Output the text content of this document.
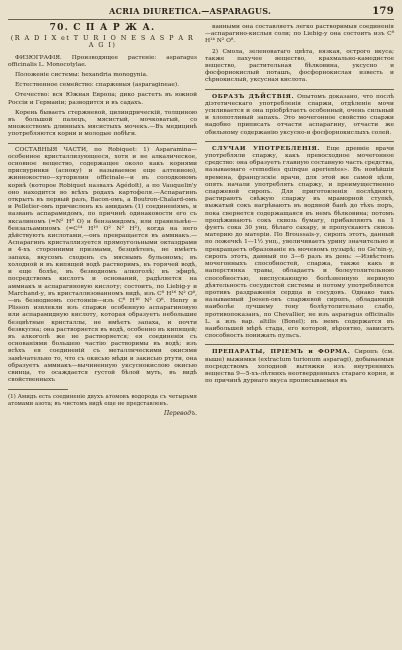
ACRIA DIURETICA.—ASPARAGUS.	179
70. С П А Р Ж А.
(R A D I X et T U R I O N E S A S P A R A G I)

ФИЗЮГРАФІЯ. Производящее растеніе: asparagus officinalis L. Monocotylae.

Положеніе системы: hexandria monogynia.

Естественное семейство: спаржевыя (asparagineae).

Отечество: вся Южная Европа; дико растетъ въ южной Россіи и Германіи; разводится и въ садахъ.

Корень бываетъ стержневой, цилиндрическій, толщиною въ большой палецъ, мясистый, мочковатый, со множествомъ длинныхъ мясистыхъ мочекъ.—Въ медицинѣ употребляются корни и молодые побѣги.

СОСТАВНЫЯ ЧАСТИ, по Robiquet: 1) Asparamina—особенное кристаллизующееся, хотя и не алкалическое, основное вещество, содержащее около какъ корнями присвуринки (асноку) и называемое еще алтеиною), жиннокостно—хуторилин officinale—и въ солодковомъ корнѣ (которое Robiquet назвалъ Agédoït), а по Vauquelin'у оно находится во всѣхъ родахъ картофеля.—Аспарагинъ открытъ въ первый разъ, Bacon-омъ, а Boutron-Chalard-омъ и Pelletier-омъ причисленъ къ амидамъ (1) соединеніямъ, и названъ аспарамидомъ, по причинѣ одинаковости его съ яксалиномъ (=N² H⁸ O) и бензамидомъ, или правильнѣе—бензальаминомъ (=C¹⁴ H¹⁰ O² N² H²), когда на него дѣйствуютъ кислотами,—онъ превращается въ аммиакъ.—Аспарагинъ кристаллизуется прямоугольными октаэдрами и 4-хъ сторонними призмами, безцвѣтенъ, не имѣетъ запаха, вкусомъ сходенъ съ мяснымъ бульономъ; въ холодной и въ кипящей водѣ растворимъ, въ горячей водѣ, и еще болѣе, въ безводномъ алкоголѣ; въ эфирѣ, посредствомъ кислотъ и оснований, радѣляется на аммиакъ и аспарагиновую кислоту; состоитъ, по Liebig-у и Marchand-у, въ кристаллизованномъ видѣ, изъ C⁸ H¹⁶ N² O⁶,—въ безводномъ состояніи—изъ C⁸ H¹⁶ N² O⁶. Henry и Plisson извлекли изъ спаржи особенную аспарагиновую или аспарамидную кислоту, которая образуетъ небольшие безцвѣтные кристаллы, не имѣетъ запаха, и почти безвкусна; она растворяется въ водѣ, особенно въ кипящей; въ алкоголѣ же не растворяется; ея соединенія съ основаніями большею частію растворимы въ водѣ; изъ всѣхъ ея соединеній съ металлическими окисями замѣчательно то, что съ окисью мѣди и закисью ртути, она образуетъ аммиакъ—вычиненную уксуснокислою окисью свинца, то осаждается густой бѣлой муть, въ видѣ свойственныхъ

(1) Амидъ есть соединеніе двухъ атомовъ водорода съ четырьмя атомами азота; въ чистомъ видѣ еще не представленъ.
Переводъ.

ванными она составляетъ легко растворимыя соединенія—аспарагино-кислыя соли; по Liebig-у она состоитъ изъ C⁸ H¹⁴ N² O⁸.

2) Смола, зеленоватаго цвѣта, вязкая, острого вкуса; также пахучее вещество, крахмально-камедистое вещество, растительная бѣлковина, уксусно и фосфорнокислый поташъ, фосфорнокислая известь и сѣрнокислый, уксусная кислота.

ОБРАЗЪ ДѢЙСТВІЯ. Опытомъ доказано, что послѣ діэтетическаго употребленія спаржи, отдѣленіе мочи усиливается и она пріобрѣтаетъ особенный, очень сильный и хлопотливый запахъ. Это мочегонное свойство спаржи надобно приписать отчасти аспарагину, отчасти же обильному содержанію уксусно-и фосфорнокислыхъ солей.

СЛУЧАИ УПОТРЕБЛЕНІЯ. Еще древніе врачи употребляли спаржу, какъ превосходное мочегонное средство: она образуетъ главную составную часть средства, называемаго «remedies quinque aperientes». Въ новѣйшія времена, французскіе врачи, для этой же самой цѣли, опять начали употреблять спаржу, и преимущественно спаржевой сиропъ. Для приготовленія послѣдняго, растираютъ свѣжую спаржу въ мраморной ступкѣ, выжатый сокъ нагрѣваютъ въ водяной банѣ до тѣхъ поръ, пока свернется содержащаяся въ немъ бѣлковина; потомъ процѣживаютъ сокъ сквозь бумагу, прибавляютъ на 1 фунтъ сока 30 унц. бѣлаго сахару, и пропускаютъ сквозь материю до матеріи. По Broussais-у, сиропъ этотъ, данный по ложечкѣ 1—1½ унц., увеличиваетъ урину значительно и прекращаетъ образованіе въ мочевомъ пузырѣ; по Ge'nin-у, сиропъ этотъ, данный по 3—6 разъ въ день: —Извѣстенъ мочегонныхъ способностей, спаржа, также какъ и наперстянка травы, обладаетъ и болеутолительною способностью, ниспускающую болѣзненную нервную дѣятельность сосудистой системы и потому употребляется противъ раздраженія сердца и сосудовъ. Однако такъ называемый Joosen-овъ спаржевой сиропъ, обладающій наиболѣе лучшему тону болѣутолительно слабо, противопоказанъ, по Chevallier, не изъ asparagus officinalis L. а изъ вар. altilis (Bonel); въ немъ содержатся въ наибольшей мѣрѣ стада, его которой, вѣроятно, зависитъ способность понижать пульсъ.

ПРЕПАРАТЫ, ПРІЕМЪ и ФОРМА. Сиропъ (см. выше) выжимки (extractum turionum asparagi), добываемыя посредствомъ холодной вытяжки изъ внутреннихъ вещества 9—5-хъ-лѣтнихъ неотверденныхъ стараго корня, и по причинѣ дурнаго вкуса прописываемая въ
